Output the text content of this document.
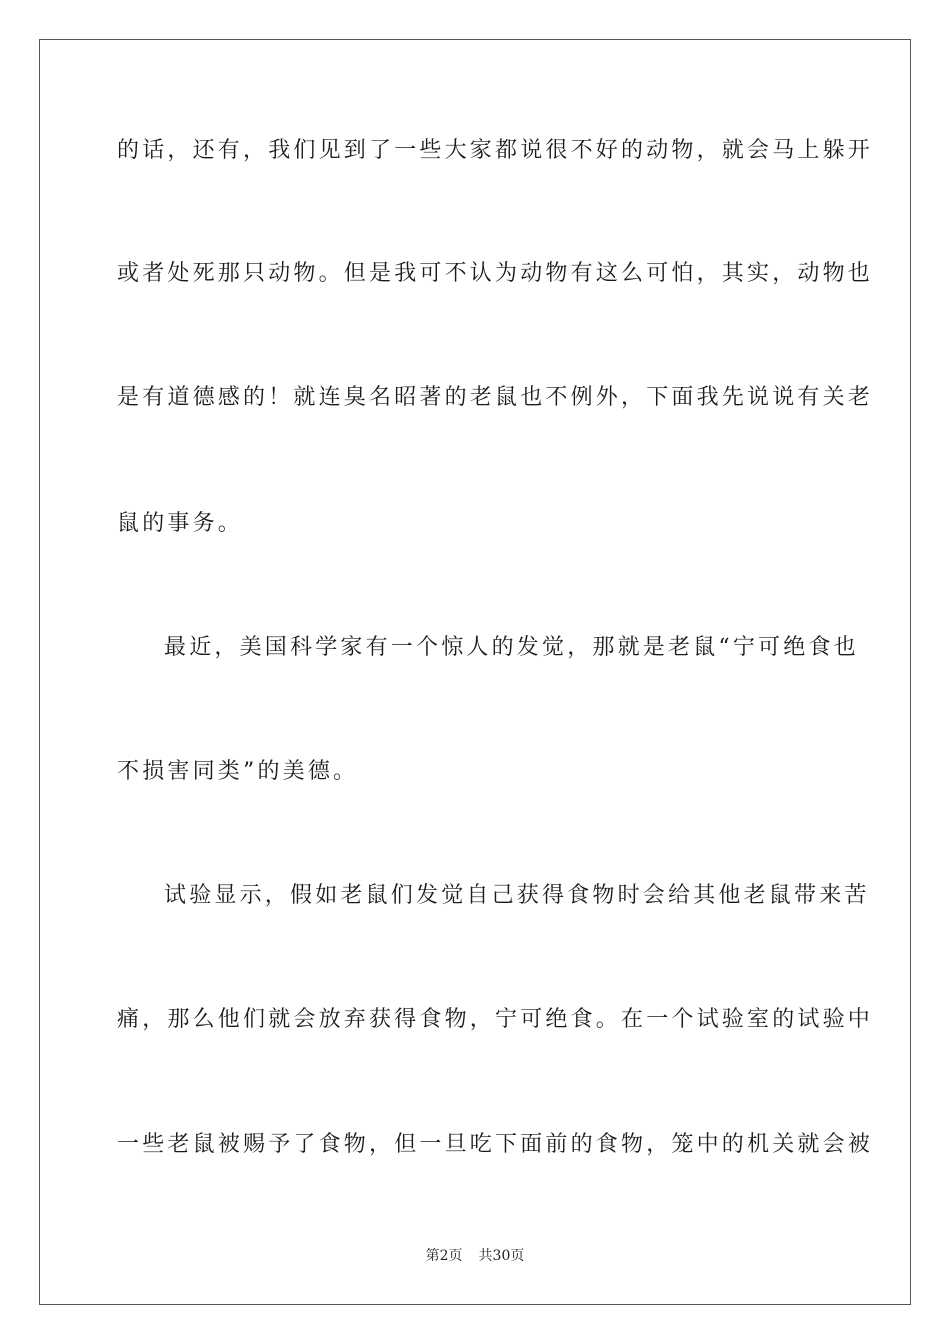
的话，还有，我们见到了一些大家都说很不好的动物，就会马上躲开

或者处死那只动物。但是我可不认为动物有这么可怕，其实，动物也

是有道德感的！就连臭名昭著的老鼠也不例外，下面我先说说有关老

鼠的事务。

最近，美国科学家有一个惊人的发觉，那就是老鼠“宁可绝食也

不损害同类”的美德。

试验显示，假如老鼠们发觉自己获得食物时会给其他老鼠带来苦

痛，那么他们就会放弃获得食物，宁可绝食。在一个试验室的试验中

一些老鼠被赐予了食物，但一旦吃下面前的食物，笼中的机关就会被

第2页 共30页
